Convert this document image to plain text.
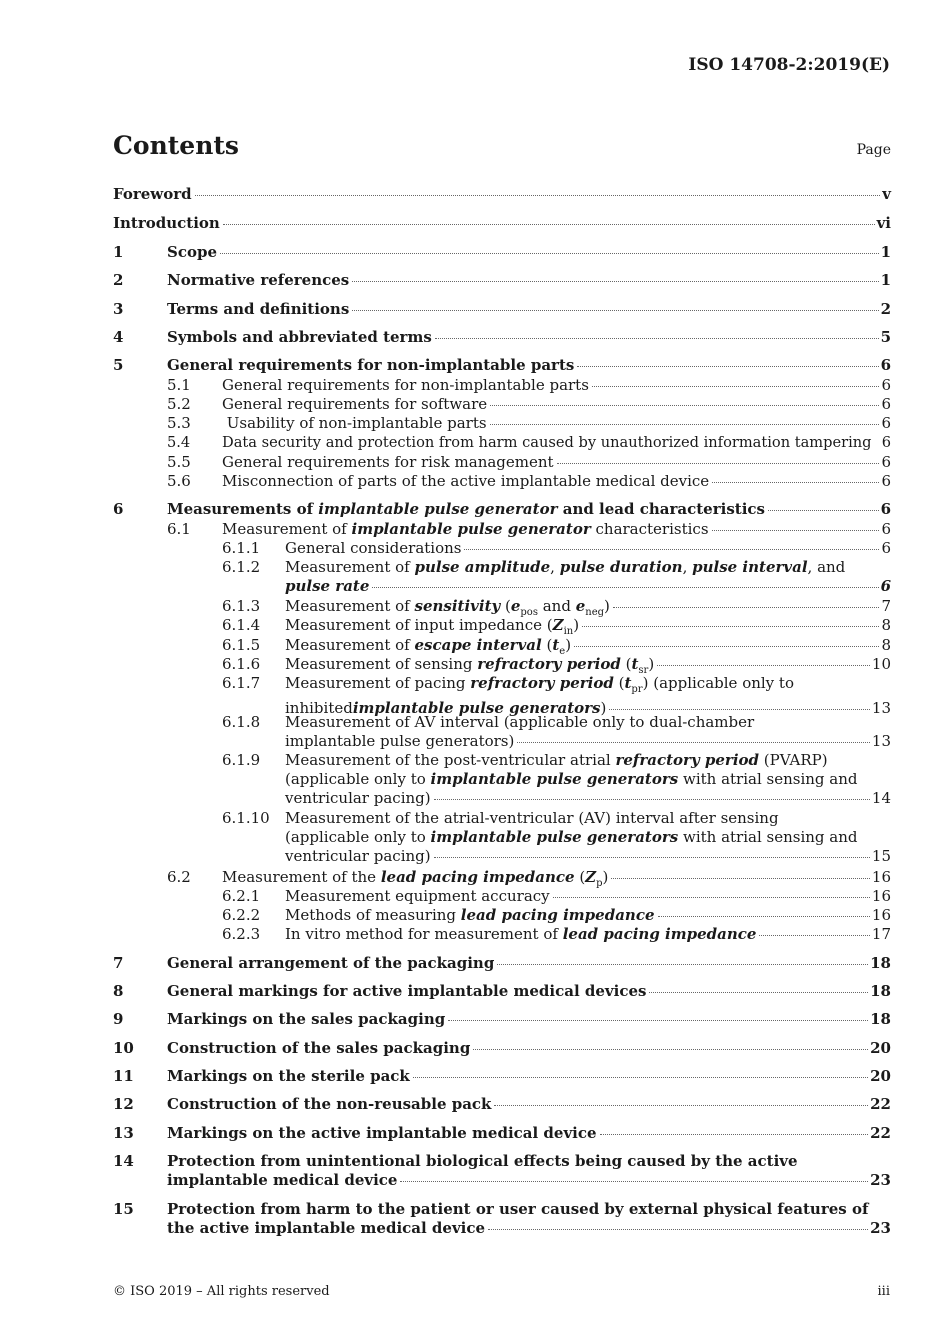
ISO 14708-2:2019(E)
Contents	Page
Foreword	v
Introduction	vi
1	Scope	1
2	Normative references	1
3	Terms and definitions	2
4	Symbols and abbreviated terms	5
5	General requirements for non-implantable parts	6
5.1	General requirements for non-implantable parts	6
5.2	General requirements for software	6
5.3	Usability of non-implantable parts	6
5.4	Data security and protection from harm caused by unauthorized information tampering 6
5.5	General requirements for risk management	6
5.6	Misconnection of parts of the active implantable medical device	6
6	Measurements of implantable pulse generator and lead characteristics	6
6.1	Measurement of implantable pulse generator characteristics	6
6.1.1	General considerations	6
6.1.2	Measurement of pulse amplitude, pulse duration, pulse interval, and
pulse rate	6
6.1.3	Measurement of sensitivity ($e_{pos}$ and $e_{neg}$)	7
6.1.4	Measurement of input impedance $(Z_{in})$	8
6.1.5	Measurement of escape interval $(t_e)$	8
6.1.6	Measurement of sensing refractory period $(t_{sr})$	10
6.1.7	Measurement of pacing refractory period $(t_{pr})$ (applicable only to
inhibited implantable pulse generators )	13
6.1.8	Measurement of AV interval (applicable only to dual-chamber
implantable pulse generators)	13
6.1.9	Measurement of the post-ventricular atrial refractory period (PVARP)
(applicable only to implantable pulse generators with atrial sensing and
ventricular pacing)	14
6.1.10	Measurement of the atrial-ventricular (AV) interval after sensing
(applicable only to implantable pulse generators with atrial sensing and
ventricular pacing)	15
6.2	Measurement of the lead pacing impedance $(Z_p)$	16
6.2.1	Measurement equipment accuracy	16
6.2.2	Methods of measuring lead pacing impedance	16
6.2.3	In vitro method for measurement of lead pacing impedance	17
7	General arrangement of the packaging	18
8	General markings for active implantable medical devices	18
9	Markings on the sales packaging	18
10	Construction of the sales packaging	20
11	Markings on the sterile pack	20
12	Construction of the non-reusable pack	22
13	Markings on the active implantable medical device	22
14	Protection from unintentional biological effects being caused by the active
implantable medical device	23
15	Protection from harm to the patient or user caused by external physical features of
the active implantable medical device	23
© ISO 2019 – All rights reserved	iii
